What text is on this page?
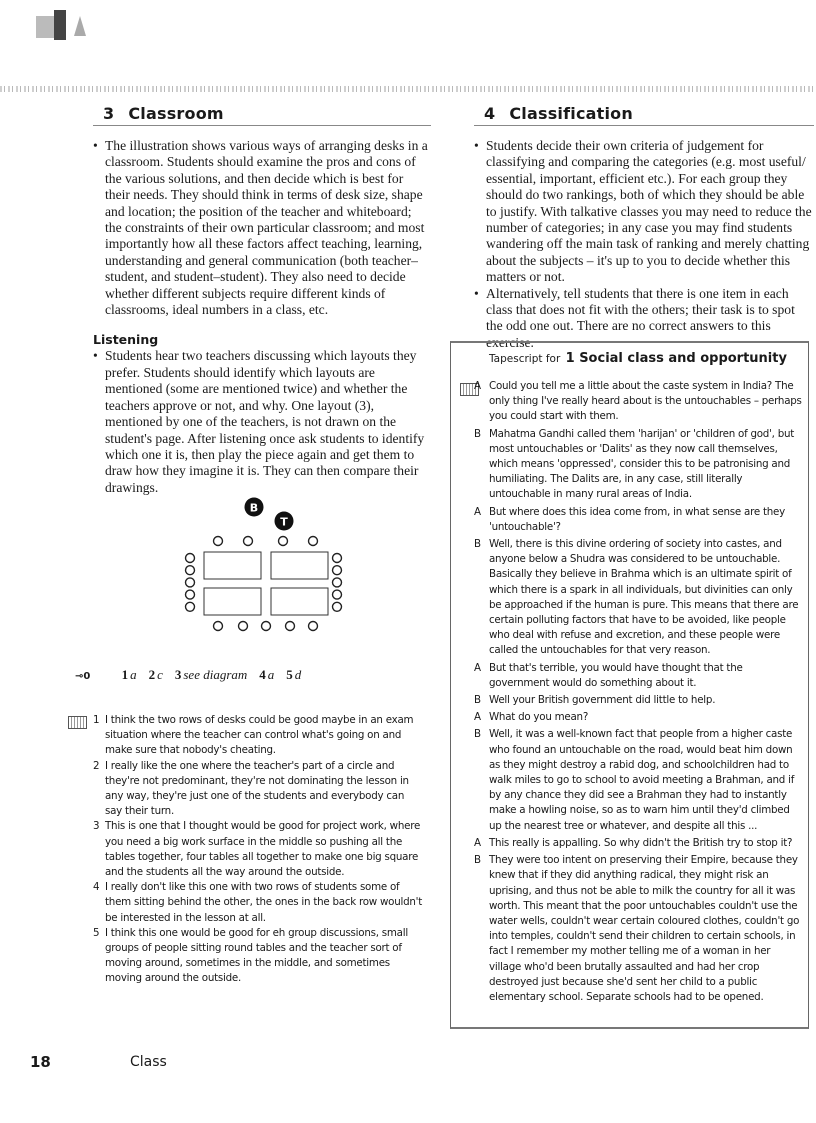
3 Classroom
• The illustration shows various ways of arranging desks in a classroom. Students should examine the pros and cons of the various solutions, and then decide which is best for their needs. They should think in terms of desk size, shape and location; the position of the teacher and whiteboard; the constraints of their own particular classroom; and most importantly how all these factors affect teaching, learning, understanding and general communication (both teacher–student, and student–student). They also need to decide whether different subjects require different kinds of classrooms, ideal numbers in a class, etc.
Listening
• Students hear two teachers discussing which layouts they prefer. Students should identify which layouts are mentioned (some are mentioned twice) and whether the teachers approve or not, and why. One layout (3), mentioned by one of the teachers, is not drawn on the student's page. After listening once ask students to identify which one it is, then play the piece again and get them to draw how they imagine it is. They can then compare their drawings.
B
T
⊸0 1 a 2 c 3 see diagram 4 a 5 d
1 I think the two rows of desks could be good maybe in an exam situation where the teacher can control what's going on and make sure that nobody's cheating.
2 I really like the one where the teacher's part of a circle and they're not predominant, they're not dominating the lesson in any way, they're just one of the students and everybody can say their turn.
3 This is one that I thought would be good for project work, where you need a big work surface in the middle so pushing all the tables together, four tables all together to make one big square and the students all the way around the outside.
4 I really don't like this one with two rows of students some of them sitting behind the other, the ones in the back row wouldn't be interested in the lesson at all.
5 I think this one would be good for eh group discussions, small groups of people sitting round tables and the teacher sort of moving around, sometimes in the middle, and sometimes moving around the outside.
4 Classification
• Students decide their own criteria of judgement for classifying and comparing the categories (e.g. most useful/ essential, important, efficient etc.). For each group they should do two rankings, both of which they should be able to justify. With talkative classes you may need to reduce the number of categories; in any case you may find students wandering off the main task of ranking and merely chatting about the subjects – it's up to you to decide whether this matters or not.
• Alternatively, tell students that there is one item in each class that does not fit with the others; their task is to spot the odd one out. There are no correct answers to this exercise.
Tapescript for 1 Social class and opportunity
A Could you tell me a little about the caste system in India? The only thing I've really heard about is the untouchables – perhaps you could start with them.
B Mahatma Gandhi called them 'harijan' or 'children of god', but most untouchables or 'Dalits' as they now call themselves, which means 'oppressed', consider this to be patronising and humiliating. The Dalits are, in any case, still literally untouchable in many rural areas of India.
A But where does this idea come from, in what sense are they 'untouchable'?
B Well, there is this divine ordering of society into castes, and anyone below a Shudra was considered to be untouchable. Basically they believe in Brahma which is an ultimate spirit of which there is a spark in all individuals, but divinities can only be approached if the human is pure. This means that there are certain polluting factors that have to be avoided, like people who deal with refuse and excretion, and these people were called the untouchables for that very reason.
A But that's terrible, you would have thought that the government would do something about it.
B Well your British government did little to help.
A What do you mean?
B Well, it was a well-known fact that people from a higher caste who found an untouchable on the road, would beat him down as they might destroy a rabid dog, and schoolchildren had to walk miles to go to school to avoid meeting a Brahman, and if by any chance they did see a Brahman they had to instantly make a howling noise, so as to warn him until they'd climbed up the nearest tree or whatever, and despite all this ...
A This really is appalling. So why didn't the British try to stop it?
B They were too intent on preserving their Empire, because they knew that if they did anything radical, they might risk an uprising, and thus not be able to milk the country for all it was worth. This meant that the poor untouchables couldn't use the water wells, couldn't wear certain coloured clothes, couldn't go into temples, couldn't send their children to certain schools, in fact I remember my mother telling me of a woman in her village who'd been brutally assaulted and had her crop destroyed just because she'd sent her child to a public elementary school. Separate schools had to be opened.
18	Class
